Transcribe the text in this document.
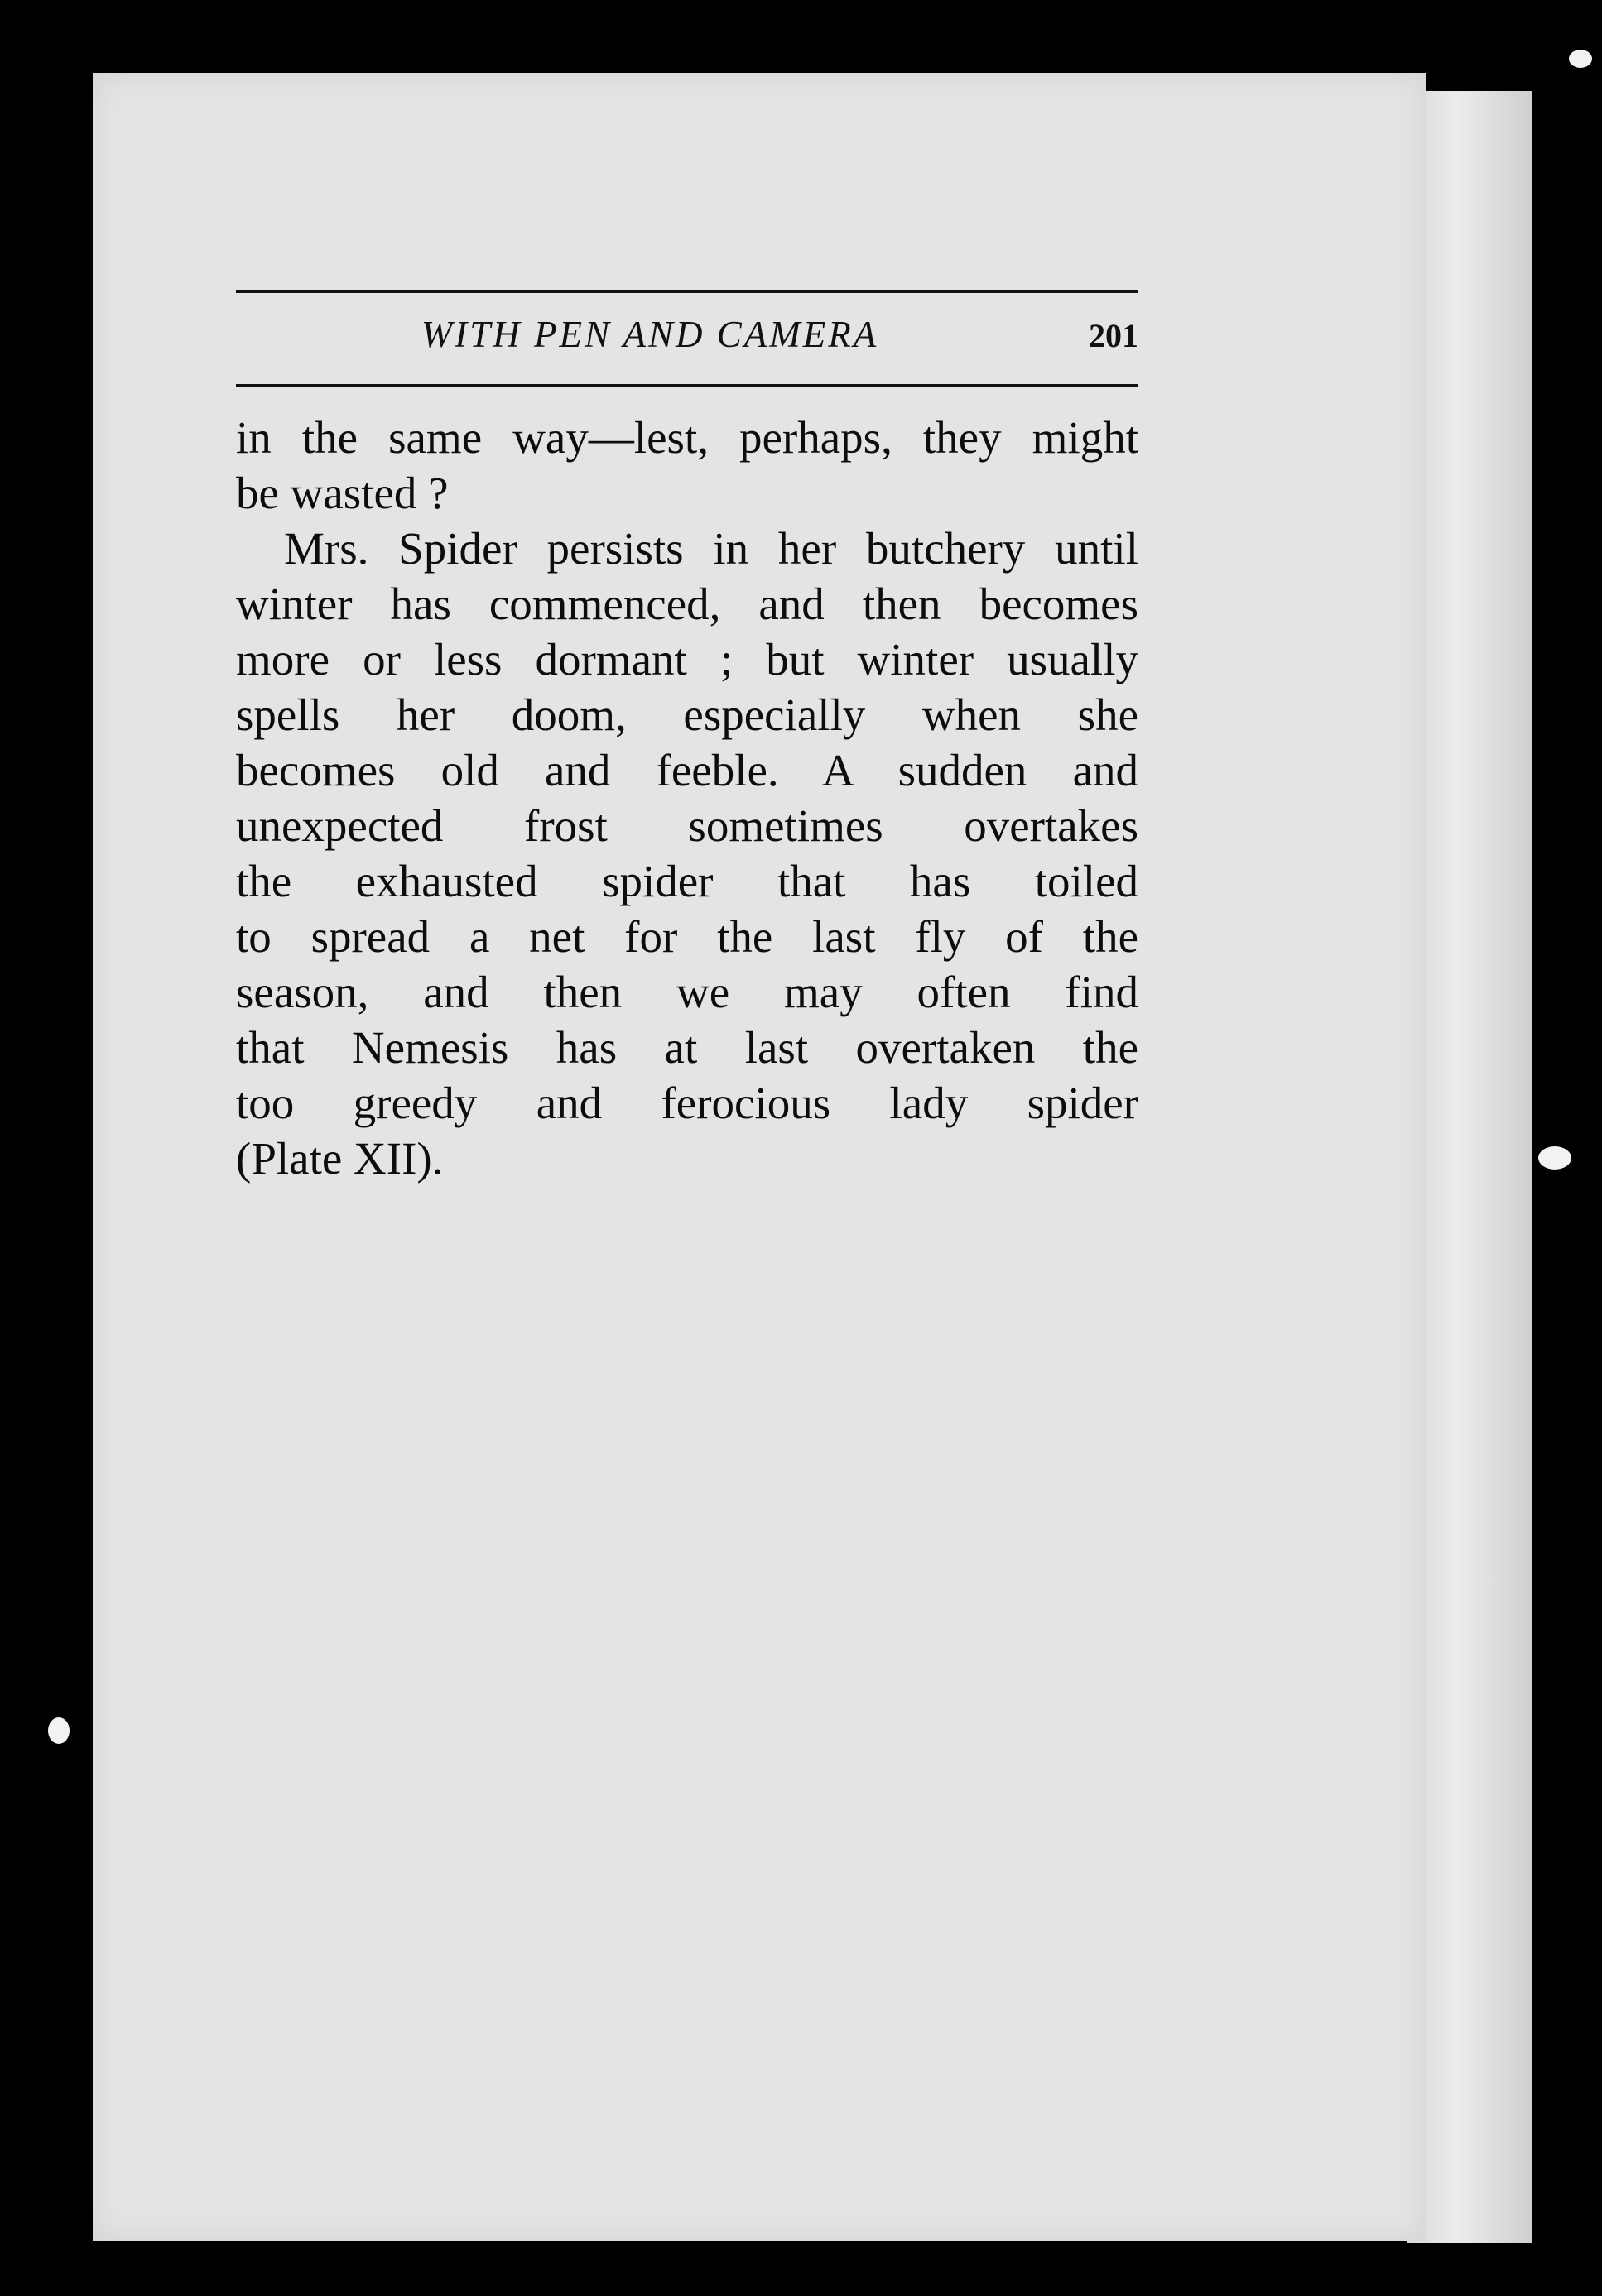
WITH PEN AND CAMERA	201
in the same way—lest, perhaps, they might
be wasted ?
Mrs. Spider persists in her butchery until
winter has commenced, and then becomes
more or less dormant ; but winter usually
spells her doom, especially when she
becomes old and feeble. A sudden and
unexpected frost sometimes overtakes
the exhausted spider that has toiled
to spread a net for the last fly of the
season, and then we may often find
that Nemesis has at last overtaken the
too greedy and ferocious lady spider
(Plate XII).
